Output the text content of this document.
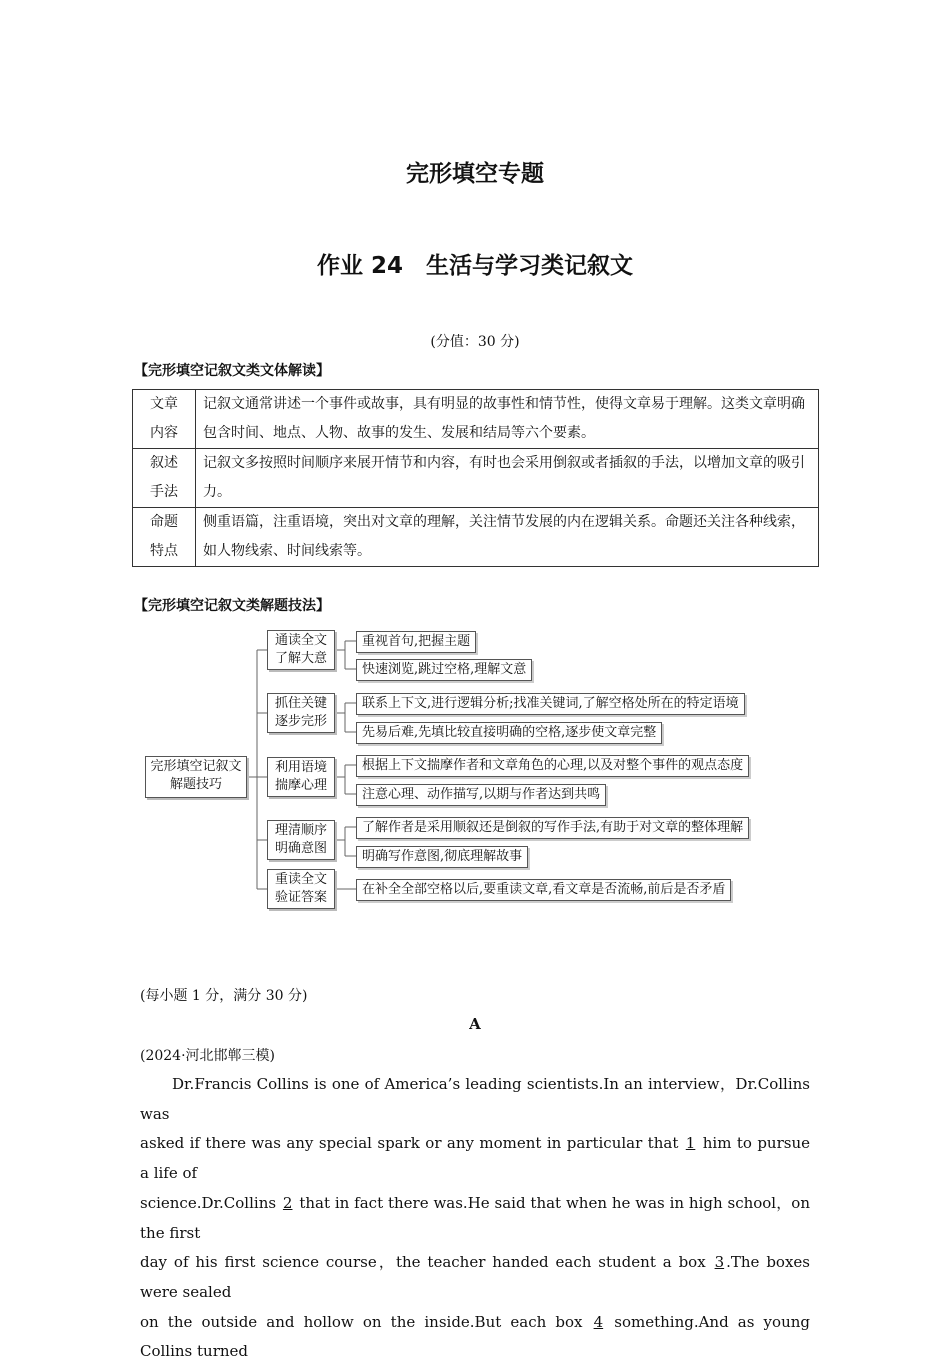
完形填空专题
作业 24　生活与学习类记叙文
(分值：30 分)
【完形填空记叙文类文体解读】
文章
内容	记叙文通常讲述一个事件或故事，具有明显的故事性和情节性，使得文章易于理解。这类文章明确包含时间、地点、人物、故事的发生、发展和结局等六个要素。
叙述
手法	记叙文多按照时间顺序来展开情节和内容，有时也会采用倒叙或者插叙的手法，以增加文章的吸引力。
命题
特点	侧重语篇，注重语境，突出对文章的理解，关注情节发展的内在逻辑关系。命题还关注各种线索，如人物线索、时间线索等。
【完形填空记叙文类解题技法】
完形填空记叙文
解题技巧
通读全文
了解大意
抓住关键
逐步完形
利用语境
揣摩心理
理清顺序
明确意图
重读全文
验证答案
重视首句,把握主题
快速浏览,跳过空格,理解文意
联系上下文,进行逻辑分析;找准关键词,了解空格处所在的特定语境
先易后难,先填比较直接明确的空格,逐步使文章完整
根据上下文揣摩作者和文章角色的心理,以及对整个事件的观点态度
注意心理、动作描写,以期与作者达到共鸣
了解作者是采用顺叙还是倒叙的写作手法,有助于对文章的整体理解
明确写作意图,彻底理解故事
在补全全部空格以后,要重读文章,看文章是否流畅,前后是否矛盾
(每小题 1 分，满分 30 分)
A
(2024·河北邯郸三模)
Dr.Francis Collins is one of America’s leading scientists.In an interview，Dr.Collins was
asked if there was any special spark or any moment in particular that 1 him to pursue a life of
science.Dr.Collins 2 that in fact there was.He said that when he was in high school，on the first
day of his first science course，the teacher handed each student a box 3 .The boxes were sealed
on the outside and hollow on the inside.But each box 4 something.And as young Collins turned
